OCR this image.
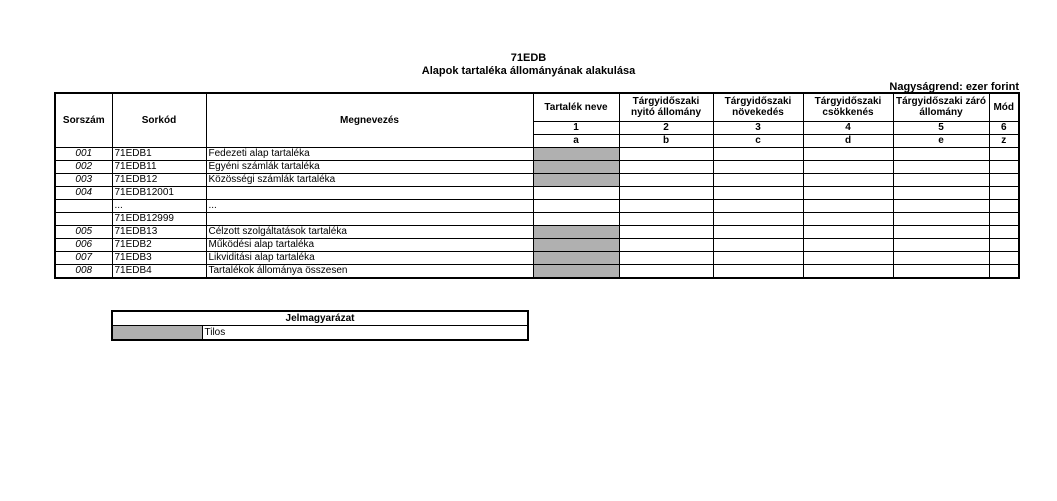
71EDB
Alapok tartaléka állományának alakulása
Nagyságrend: ezer forint
Sorszám	Sorkód	Megnevezés	Tartalék neve	Tárgyidőszaki nyitó állomány	Tárgyidőszaki növekedés	Tárgyidőszaki csökkenés	Tárgyidőszaki záró állomány	Mód
			1	2	3	4	5	6
			a	b	c	d	e	z
001	71EDB1	Fedezeti alap tartaléka						
002	71EDB11	Egyéni számlák tartaléka						
003	71EDB12	Közösségi számlák tartaléka						
004	71EDB12001							
	...	...						
	71EDB12999							
005	71EDB13	Célzott szolgáltatások tartaléka						
006	71EDB2	Működési alap tartaléka						
007	71EDB3	Likviditási alap tartaléka						
008	71EDB4	Tartalékok állománya összesen						
Jelmagyarázat
	Tilos
